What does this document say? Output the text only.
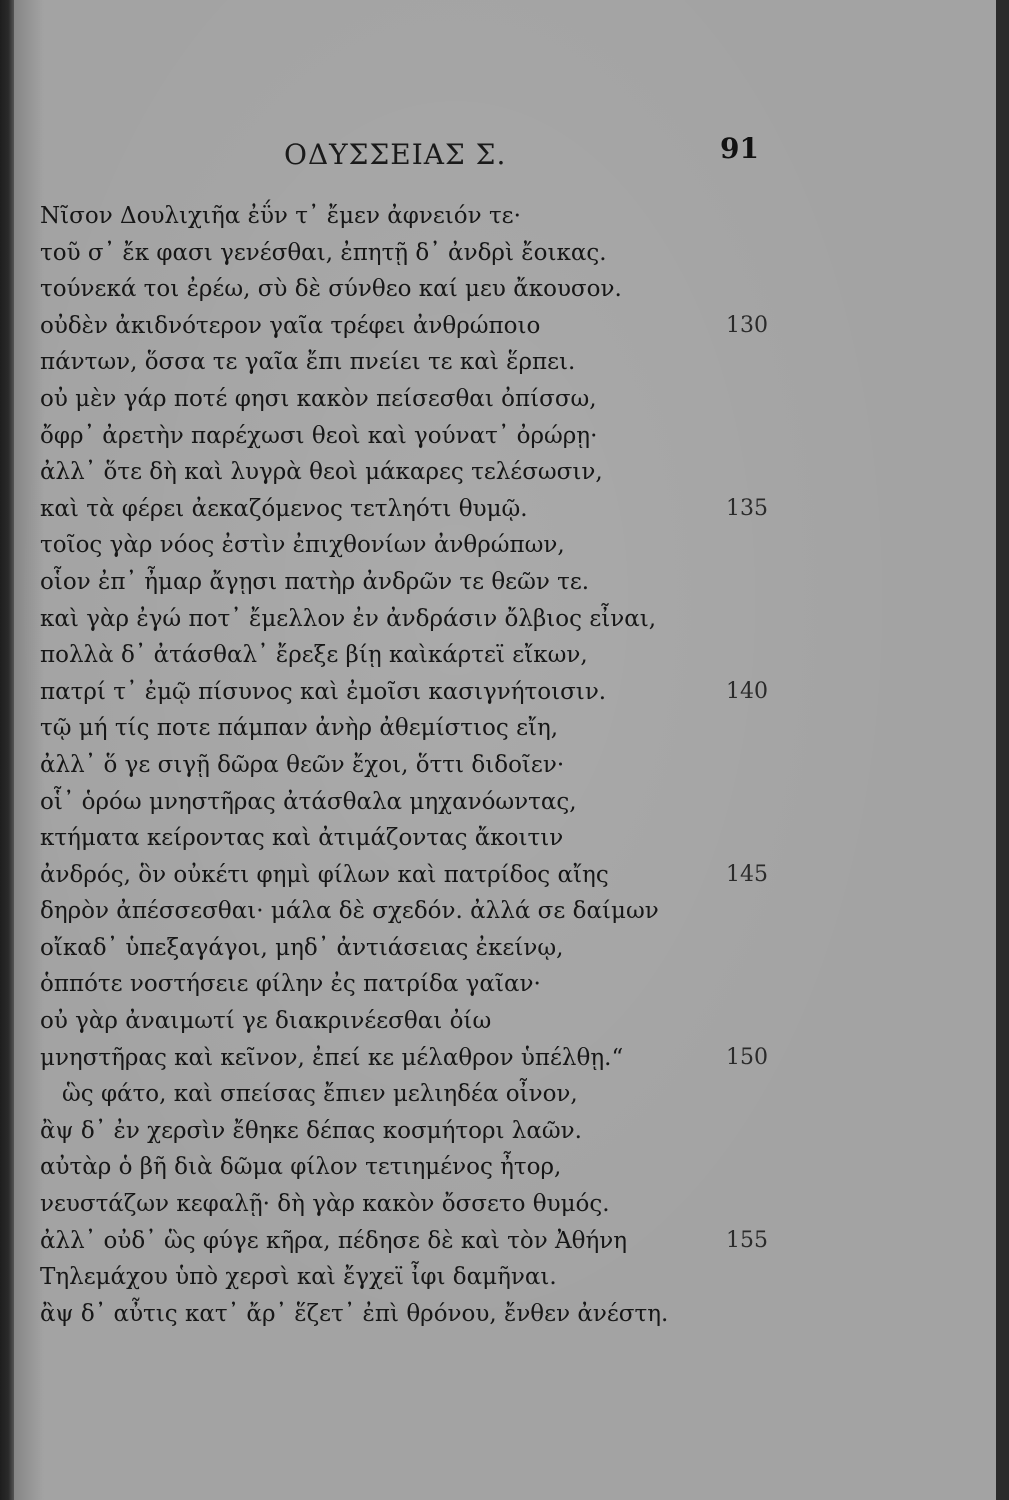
ΟΔΥΣΣΕΙΑΣ Σ.	91
Νῖσον Δουλιχιῆα ἐΰν τ᾽ ἔμεν ἀφνειόν τε·
τοῦ σ᾽ ἔκ φασι γενέσθαι, ἐπητῇ δ᾽ ἀνδρὶ ἔοικας.
τούνεκά τοι ἐρέω, σὺ δὲ σύνθεο καί μευ ἄκουσον.
οὐδὲν ἀκιδνότερον γαῖα τρέφει ἀνθρώποιο	130
πάντων, ὅσσα τε γαῖα ἔπι πνείει τε καὶ ἕρπει.
οὐ μὲν γάρ ποτέ φησι κακὸν πείσεσθαι ὀπίσσω,
ὄφρ᾽ ἀρετὴν παρέχωσι θεοὶ καὶ γούνατ᾽ ὀρώρῃ·
ἀλλ᾽ ὅτε δὴ καὶ λυγρὰ θεοὶ μάκαρες τελέσωσιν,
καὶ τὰ φέρει ἀεκαζόμενος τετληότι θυμῷ.	135
τοῖος γὰρ νόος ἐστὶν ἐπιχθονίων ἀνθρώπων,
οἷον ἐπ᾽ ἦμαρ ἄγῃσι πατὴρ ἀνδρῶν τε θεῶν τε.
καὶ γὰρ ἐγώ ποτ᾽ ἔμελλον ἐν ἀνδράσιν ὄλβιος εἶναι,
πολλὰ δ᾽ ἀτάσθαλ᾽ ἔρεξε βίῃ καὶκάρτεϊ εἴκων,
πατρί τ᾽ ἐμῷ πίσυνος καὶ ἐμοῖσι κασιγνήτοισιν.	140
τῷ μή τίς ποτε πάμπαν ἀνὴρ ἀθεμίστιος εἴη,
ἀλλ᾽ ὅ γε σιγῇ δῶρα θεῶν ἔχοι, ὅττι διδοῖεν·
οἷ᾽ ὁρόω μνηστῆρας ἀτάσθαλα μηχανόωντας,
κτήματα κείροντας καὶ ἀτιμάζοντας ἄκοιτιν
ἀνδρός, ὃν οὐκέτι φημὶ φίλων καὶ πατρίδος αἴης	145
δηρὸν ἀπέσσεσθαι· μάλα δὲ σχεδόν. ἀλλά σε δαίμων
οἴκαδ᾽ ὑπεξαγάγοι, μηδ᾽ ἀντιάσειας ἐκείνῳ,
ὁππότε νοστήσειε φίλην ἐς πατρίδα γαῖαν·
οὐ γὰρ ἀναιμωτί γε διακρινέεσθαι ὀίω
μνηστῆρας καὶ κεῖνον, ἐπεί κε μέλαθρον ὑπέλθῃ.“	150
ὣς φάτο, καὶ σπείσας ἔπιεν μελιηδέα οἶνον,
ἂψ δ᾽ ἐν χερσὶν ἔθηκε δέπας κοσμήτορι λαῶν.
αὐτὰρ ὁ βῆ διὰ δῶμα φίλον τετιημένος ἦτορ,
νευστάζων κεφαλῇ· δὴ γὰρ κακὸν ὄσσετο θυμός.
ἀλλ᾽ οὐδ᾽ ὣς φύγε κῆρα, πέδησε δὲ καὶ τὸν Ἀθήνη	155
Τηλεμάχου ὑπὸ χερσὶ καὶ ἔγχεϊ ἶφι δαμῆναι.
ἂψ δ᾽ αὖτις κατ᾽ ἄρ᾽ ἕζετ᾽ ἐπὶ θρόνου, ἔνθεν ἀνέστη.
